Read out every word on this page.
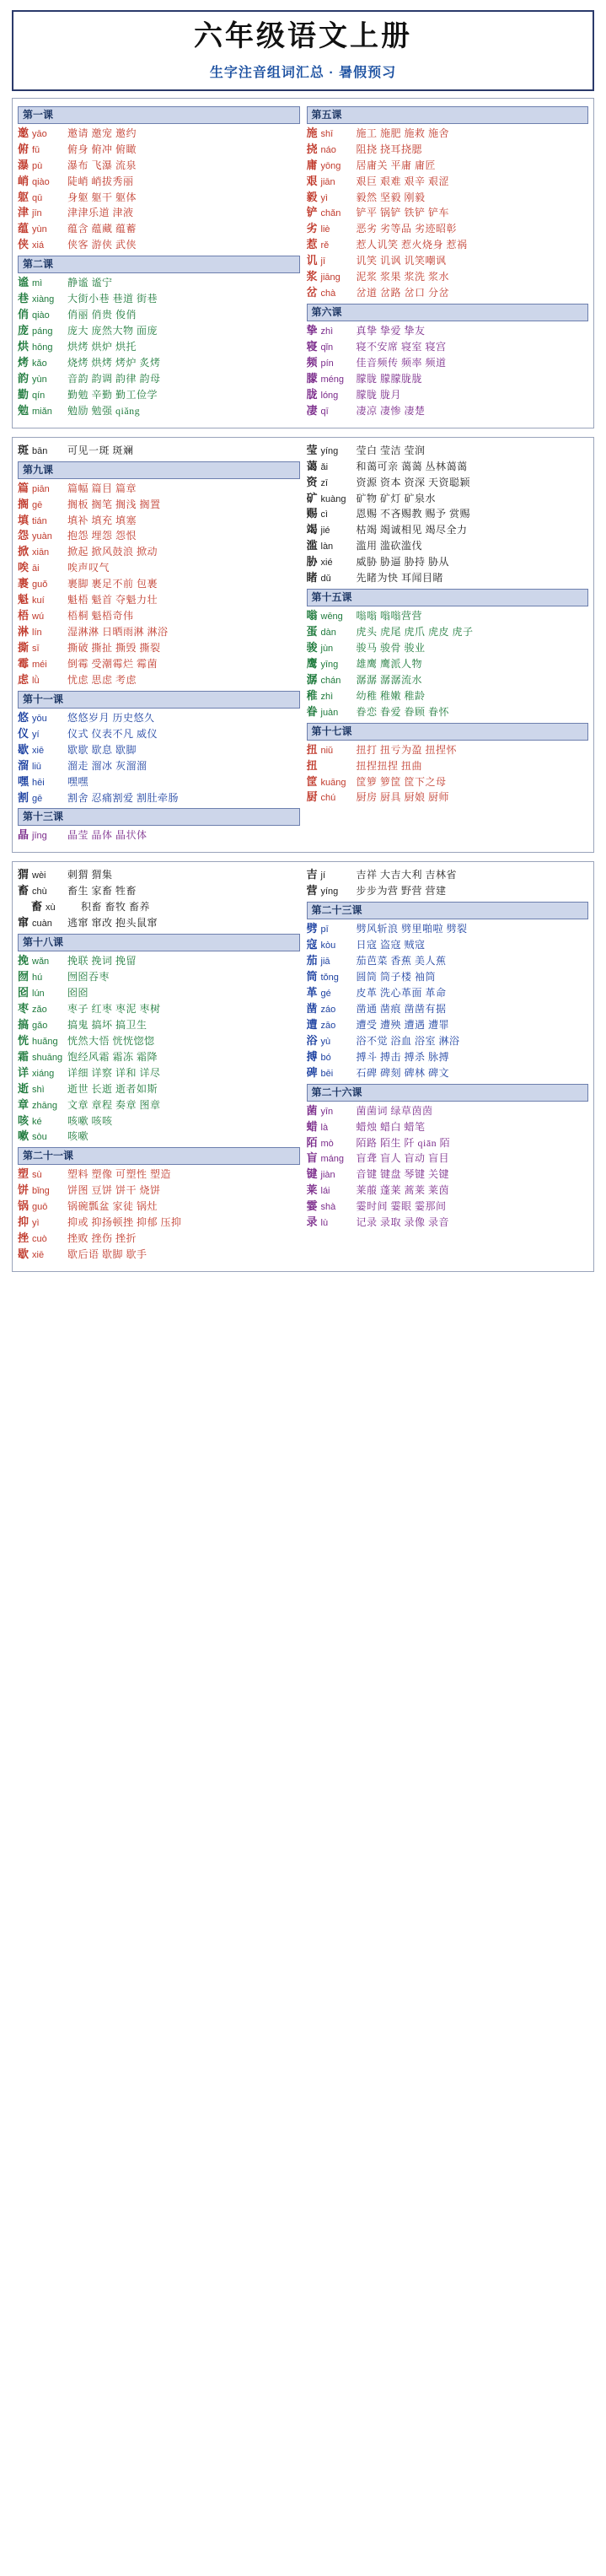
六年级语文上册
生字注音组词汇总 · 暑假预习
第一课
邀 yāo	邀请 邀宠 邀约
俯 fǔ	俯身 俯冲 俯瞰
瀑 pù	瀑布 飞瀑 流泉
峭 qiào	陡峭 峭拔秀丽
躯 qū	身躯 躯干 躯体
津 jīn	津津乐道 津液
蕴 yùn	蕴含 蕴藏 蕴蓄
侠 xiá	侠客 游侠 武侠
第二课
谧 mì	静谧 谧宁
巷 xiàng	大街小巷 巷道 街巷
俏 qiào	俏丽 俏贵 俊俏
庞 páng	庞大 庞然大物 面庞
烘 hōng	烘烤 烘炉 烘托
烤 kǎo	烧烤 烘烤 烤炉 炙烤
韵 yùn	音韵 韵调 韵律 韵母
勤 qín	勤勉 辛勤 勤工俭学
勉 miǎn	勉励 勉强 qiǎng
第五课
施 shī	施工 施肥 施救 施舍
挠 náo	阻挠 挠耳挠腮
庸 yōng	居庸关 平庸 庸匠
艰 jiān	艰巨 艰难 艰辛 艰涩
毅 yì	毅然 坚毅 刚毅
铲 chǎn	铲平 锅铲 铁铲 铲车
劣 liè	恶劣 劣等品 劣迹昭彰
惹 rě	惹人讥笑 惹火烧身 惹祸
讥 jī	讥笑 讥讽 讥笑嘲讽
浆 jiāng	泥浆 浆果 浆洗 浆水
岔 chà	岔道 岔路 岔口 分岔
第六课
挚 zhì	真挚 挚爱 挚友
寝 qǐn	寝不安席 寝室 寝宫
频 pín	佳音频传 频率 频道
朦 méng	朦胧 朦朦胧胧
胧 lóng	朦胧 胧月
凄 qī	凄凉 凄惨 凄楚
斑 bān	可见一斑 斑斓
第九课
篇 piān	篇幅 篇目 篇章
搁 gē	搁板 搁笔 搁浅 搁置
填 tián	填补 填充 填塞
怨 yuàn	抱怨 埋怨 怨恨
掀 xiān	掀起 掀风鼓浪 掀动
唉 āi	唉声叹气
裹 guǒ	裹脚 裹足不前 包裹
魁 kuí	魁梧 魁首 夺魁力壮
梧 wú	梧桐 魁梧奇伟
淋 lín	湿淋淋 日晒雨淋 淋浴
撕 sī	撕破 撕扯 撕毁 撕裂
霉 méi	倒霉 受潮霉烂 霉菌
虑 lǜ	忧虑 思虑 考虑
第十一课
悠 yōu	悠悠岁月 历史悠久
仪 yí	仪式 仪表不凡 威仪
歇 xiē	歇歇 歇息 歇脚
溜 liū	溜走 溜冰 灰溜溜
嘿 hēi	嘿嘿
割 gē	割舍 忍痛割爱 割肚牵肠
第十三课
晶 jīng	晶莹 晶体 晶状体
莹 yíng	莹白 莹洁 莹润
蔼 ǎi	和蔼可亲 蔼蔼 丛林蔼蔼
资 zī	资源 资本 资深 天资聪颖
矿 kuàng	矿物 矿灯 矿泉水
赐 cì	恩赐 不吝赐教 赐予 赏赐
竭 jié	枯竭 竭诚相见 竭尽全力
滥 làn	滥用 滥砍滥伐
胁 xié	威胁 胁逼 胁持 胁从
睹 dǔ	先睹为快 耳闻目睹
第十五课
嗡 wēng	嗡嗡 嗡嗡营营
蛋 dàn	虎头 虎尾 虎爪 虎皮 虎子
骏 jùn	骏马 骏骨 骏业
鹰 yīng	雄鹰 鹰派人物
潺 chán	潺潺 潺潺流水
稚 zhì	幼稚 稚嫩 稚龄
眷 juàn	眷恋 眷爱 眷顾 眷怀
第十七课
扭 niǔ	扭打 扭亏为盈 扭捏怀
扭	扭捏扭捏 扭曲
筐 kuāng	筐箩 箩筐 筐下之母
厨 chú	厨房 厨具 厨娘 厨师
猬 wèi	刺猬 猬集
畜 chù	畜生 家畜 牲畜
畜 xù	积畜 畜牧 畜养
窜 cuàn	逃窜 窜改 抱头鼠窜
第十八课
挽 wǎn	挽联 挽词 挽留
囫 hú	囫囵吞枣
囵 lún	囵囵
枣 zǎo	枣子 红枣 枣泥 枣树
搞 gǎo	搞鬼 搞坏 搞卫生
恍 huǎng 恍然大悟 恍恍惚惚
霜 shuāng 饱经风霜 霜冻 霜降
详 xiáng	详细 详察 详和 详尽
逝 shì	逝世 长逝 逝者如斯
章 zhāng	文章 章程 奏章 图章
咳 ké	咳嗽 咳咳
嗽 sòu	咳嗽
第二十一课
塑 sù	塑料 塑像 可塑性 塑造
饼 bǐng	饼图 豆饼 饼干 烧饼
锅 guō	锅碗瓢盆 家徒 锅灶
抑 yì	抑或 抑扬顿挫 抑郁 压抑
挫 cuò	挫败 挫伤 挫折
歇 xiē	歇后语 歇脚 歇手
吉 jí	吉祥 大吉大利 吉林省
营 yíng	步步为营 野营 营建
第二十三课
劈 pī	劈风斩浪 劈里啪啦 劈裂
寇 kòu	日寇 盗寇 贼寇
茄 jiā	茄芭菜 香蕉 美人蕉
筒 tǒng	圆筒 筒子楼 袖筒
革 gé	皮革 洗心革面 革命
凿 záo	凿通 凿痕 凿凿有据
遭 zāo	遭受 遭殃 遭遇 遭罪
浴 yù	浴不觉 浴血 浴室 淋浴
搏 bó	搏斗 搏击 搏杀 脉搏
碑 bēi	石碑 碑刻 碑林 碑文
第二十六课
菌 yīn	菌菌词 绿草茵茵
蜡 là	蜡烛 蜡白 蜡笔
陌 mò	陌路 陌生 阡 qiān 陌
盲 máng	盲聋 盲人 盲动 盲目
键 jiàn	音键 键盘 琴键 关键
莱 lái	莱菔 蓬莱 蒿莱 莱茵
霎 shà	霎时间 霎眼 霎那间
录 lù	记录 录取 录像 录音
